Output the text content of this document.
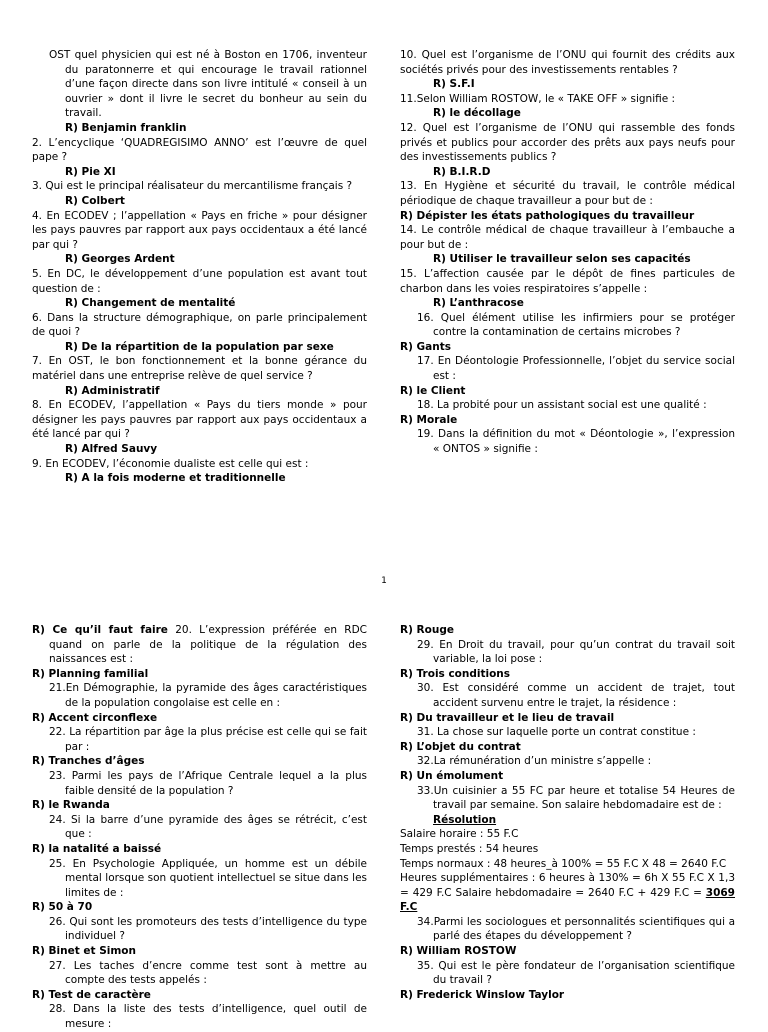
OST quel physicien qui est né à Boston en 1706, inventeur du paratonnerre et qui encourage le travail rationnel d’une façon directe dans son livre intitulé « conseil à un ouvrier » dont il livre le secret du bonheur au sein du travail.

R) Benjamin franklin

2. L’encyclique ‘QUADREGISIMO ANNO’ est l’œuvre de quel pape ?

R) Pie XI

3. Qui est le principal réalisateur du mercantilisme français ?

R) Colbert

4. En ECODEV ; l’appellation « Pays en friche » pour désigner les pays pauvres par rapport aux pays occidentaux a été lancé par qui ?

R) Georges Ardent

5. En DC, le développement d’une population est avant tout question de :

R) Changement de mentalité

6. Dans la structure démographique, on parle principalement de quoi ?

R) De la répartition de la population par sexe

7. En OST, le bon fonctionnement et la bonne gérance du matériel dans une entreprise relève de quel service ?

R) Administratif

8. En ECODEV, l’appellation « Pays du tiers monde » pour désigner les pays pauvres par rapport aux pays occidentaux a été lancé par qui ?

R) Alfred Sauvy

9. En ECODEV, l’économie dualiste est celle qui est :

R) A la fois moderne et traditionnelle

10. Quel est l’organisme de l’ONU qui fournit des crédits aux sociétés privés pour des investissements rentables ?

R) S.F.I

11.Selon William ROSTOW, le « TAKE OFF » signifie :

R) le décollage

12. Quel est l’organisme de l’ONU qui rassemble des fonds privés et publics pour accorder des prêts aux pays neufs pour des investissements publics ?

R) B.I.R.D

13. En Hygiène et sécurité du travail, le contrôle médical périodique de chaque travailleur a pour but de :

R) Dépister les états pathologiques du travailleur

14. Le contrôle médical de chaque travailleur à l’embauche a pour but de :

R) Utiliser le travailleur selon ses capacités

15. L’affection causée par le dépôt de fines particules de charbon dans les voies respiratoires s’appelle :

R) L’anthracose

16. Quel élément utilise les infirmiers pour se protéger contre la contamination de certains microbes ?

R) Gants

17. En Déontologie Professionnelle, l’objet du service social est :

R) le Client

18. La probité pour un assistant social est une qualité :

R) Morale

19. Dans la définition du mot « Déontologie », l’expression « ONTOS » signifie :

1

R) Ce qu’il faut faire 20. L’expression préférée en RDC quand on parle de la politique de la régulation des naissances est :

R) Planning familial

21.En Démographie, la pyramide des âges caractéristiques de la population congolaise est celle en :

R) Accent circonflexe

22. La répartition par âge la plus précise est celle qui se fait par :

R) Tranches d’âges

23. Parmi les pays de l’Afrique Centrale lequel a la plus faible densité de la population ?

R) le Rwanda

24. Si la barre d’une pyramide des âges se rétrécit, c’est que :

R) la natalité a baissé

25. En Psychologie Appliquée, un homme est un débile mental lorsque son quotient intellectuel se situe dans les limites de :

R) 50 à 70

26. Qui sont les promoteurs des tests d’intelligence du type individuel ?

R) Binet et Simon

27. Les taches d’encre comme test sont à mettre au compte des tests appelés :

R) Test de caractère

28. Dans la liste des tests d’intelligence, quel outil de mesure :

R) Rouge

29. En Droit du travail, pour qu’un contrat du travail soit variable, la loi pose :

R) Trois conditions

30. Est considéré comme un accident de trajet, tout accident survenu entre le trajet, la résidence :

R) Du travailleur et le lieu de travail

31. La chose sur laquelle porte un contrat constitue :

R) L’objet du contrat

32.La rémunération d’un ministre s’appelle :

R) Un émolument

33.Un cuisinier a 55 FC par heure et totalise 54 Heures de travail par semaine. Son salaire hebdomadaire est de :

Résolution

Salaire horaire : 55 F.C

Temps prestés : 54 heures

Temps normaux : 48 heures_à 100% = 55 F.C X 48 = 2640 F.C

Heures supplémentaires : 6 heures à 130% = 6h X 55 F.C X 1,3 = 429 F.C Salaire hebdomadaire = 2640 F.C + 429 F.C = 3069 F.C

34.Parmi les sociologues et personnalités scientifiques qui a parlé des étapes du développement ?

R) William ROSTOW

35. Qui est le père fondateur de l’organisation scientifique du travail ?

R) Frederick Winslow Taylor
